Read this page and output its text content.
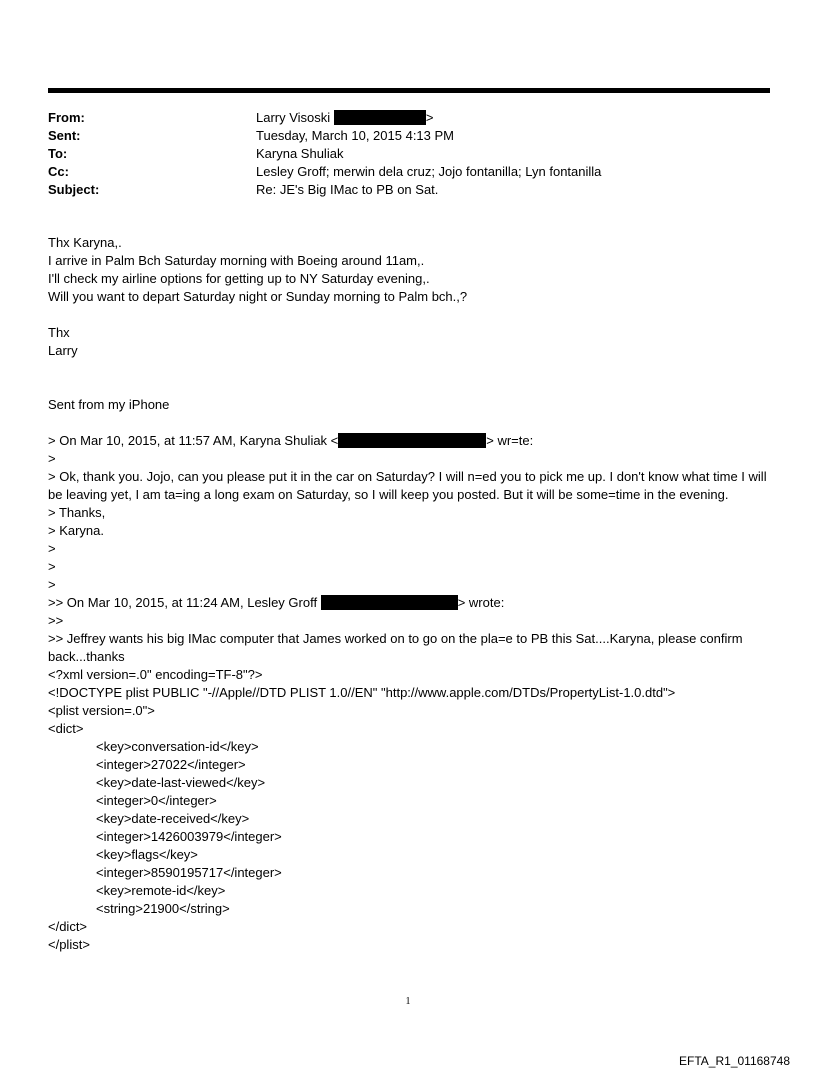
From:	Larry Visoski	>
Sent:	Tuesday, March 10, 2015 4:13 PM
To:	Karyna Shuliak
Cc:	Lesley Groff; merwin dela cruz; Jojo fontanilla; Lyn fontanilla
Subject:	Re: JE's Big IMac to PB on Sat.
Thx Karyna,.
I arrive in Palm Bch Saturday morning with Boeing around 11am,.
I'll check my airline options for getting up to NY Saturday evening,.
Will you want to depart Saturday night or Sunday morning to Palm bch.,?
Thx
Larry
Sent from my iPhone
> On Mar 10, 2015, at 11:57 AM, Karyna Shuliak <	> wr=te:
>
> Ok, thank you. Jojo, can you please put it in the car on Saturday? I will n=ed you to pick me up. I don't know what time I will be leaving yet, I am ta=ing a long exam on Saturday, so I will keep you posted. But it will be some=time in the evening.
> Thanks,
> Karyna.
>
>
>
>> On Mar 10, 2015, at 11:24 AM, Lesley Groff	> wrote:
>>
>> Jeffrey wants his big IMac computer that James worked on to go on the pla=e to PB this Sat....Karyna, please confirm back...thanks
<?xml version=.0" encoding=TF-8"?>
<!DOCTYPE plist PUBLIC "-//Apple//DTD PLIST 1.0//EN" "http://www.apple.com/DTDs/PropertyList-1.0.dtd">
<plist version=.0">
<dict>
<key>conversation-id</key>
<integer>27022</integer>
<key>date-last-viewed</key>
<integer>0</integer>
<key>date-received</key>
<integer>1426003979</integer>
<key>flags</key>
<integer>8590195717</integer>
<key>remote-id</key>
<string>21900</string>
</dict>
</plist>
1
EFTA_R1_01168748
